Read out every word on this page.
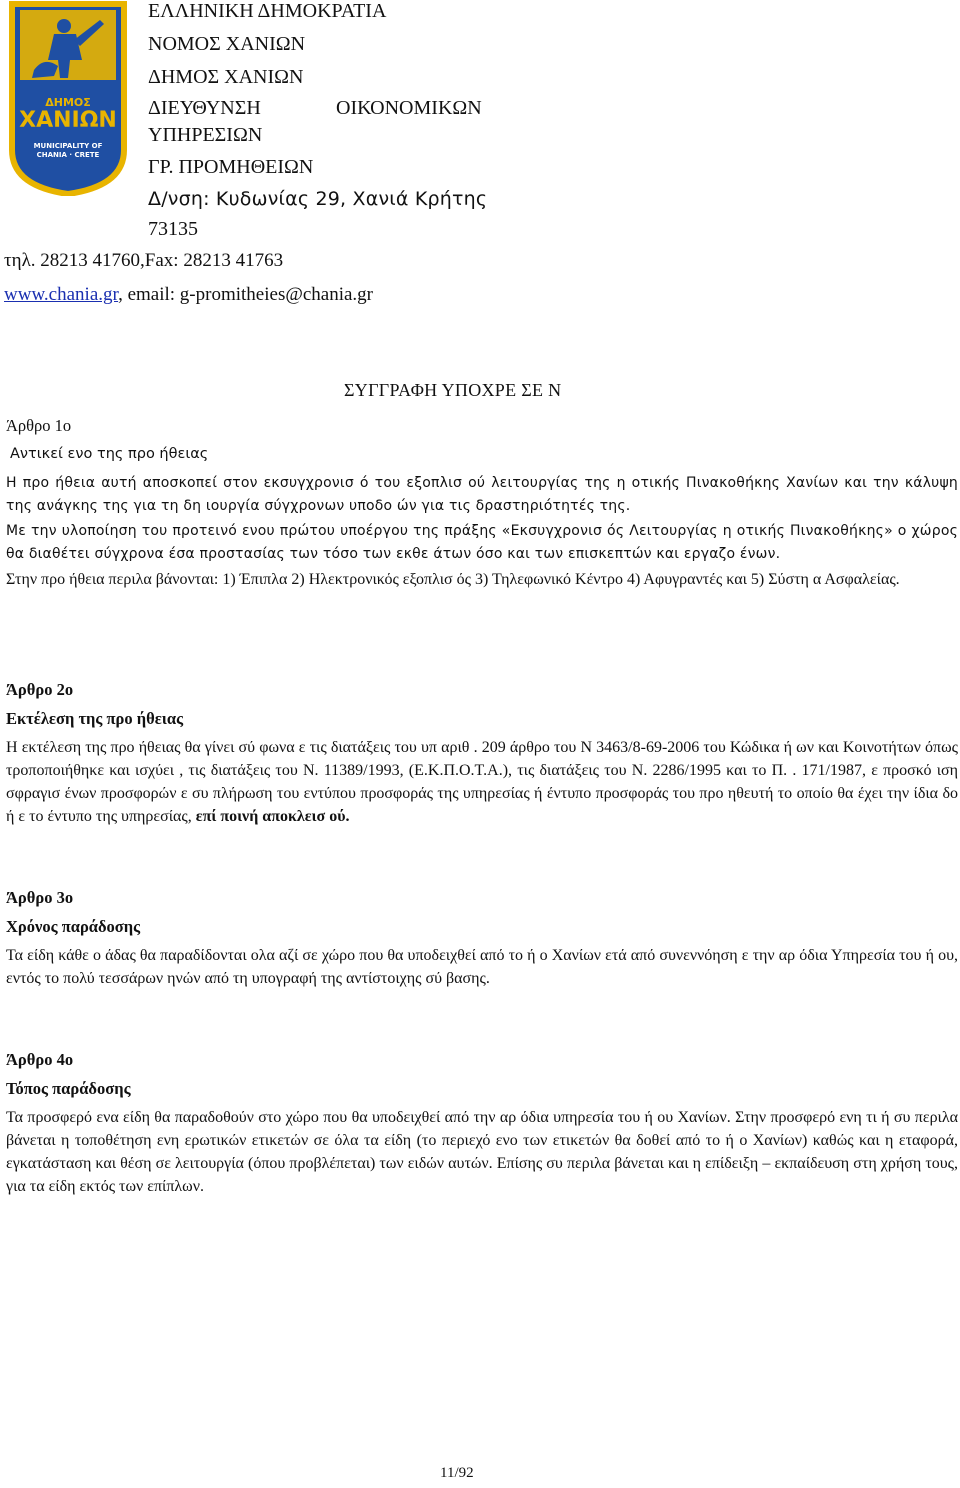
ΔΗΜΟΣ
ΧΑΝΙΩΝ
MUNICIPALITY OF CHANIA · CRETE
ΕΛΛΗΝΙΚΗ ΔΗΜΟΚΡΑΤΙΑ
ΝΟΜΟΣ ΧΑΝΙΩΝ
ΔΗΜΟΣ ΧΑΝΙΩΝ
ΔΙΕΥΘΥΝΣΗ	ΟΙΚΟΝΟΜΙΚΩΝ
ΥΠΗΡΕΣΙΩΝ
ΓΡ. ΠΡΟΜΗΘΕΙΩΝ
Δ/νση: Κυδωνίας 29, Χανιά Κρήτης
73135
τηλ. 28213 41760,Fax: 28213 41763
www.chania.gr, email: g-promitheies@chania.gr
ΣΥΓΓΡΑΦΗ ΥΠΟΧΡΕ ΣΕ Ν
Άρθρο 1ο
Αντικεί ενο της προ ήθειας
Η προ ήθεια αυτή αποσκοπεί στον εκσυγχρονισ ό του εξοπλισ ού λειτουργίας της η οτικής Πινακοθήκης Χανίων και την κάλυψη της ανάγκης της για τη δη ιουργία σύγχρονων υποδο ών για τις δραστηριότητές της.
Με την υλοποίηση του προτεινό ενου πρώτου υποέργου της πράξης «Εκσυγχρονισ ός Λειτουργίας η οτικής Πινακοθήκης» ο χώρος θα διαθέτει σύγχρονα έσα προστασίας των τόσο των εκθε άτων όσο και των επισκεπτών και εργαζο ένων.
Στην προ ήθεια περιλα βάνονται: 1) Έπιπλα 2) Ηλεκτρονικός εξοπλισ ός 3) Τηλεφωνικό Κέντρο 4) Αφυγραντές και 5) Σύστη α Ασφαλείας.
Άρθρο 2ο
Εκτέλεση της προ ήθειας
Η εκτέλεση της προ ήθειας θα γίνει σύ φωνα ε τις διατάξεις του υπ αριθ . 209 άρθρο του Ν 3463/8-69-2006 του Κώδικα ή ων και Κοινοτήτων όπως τροποποιήθηκε και ισχύει , τις διατάξεις του Ν. 11389/1993, (Ε.Κ.Π.Ο.Τ.Α.), τις διατάξεις του Ν. 2286/1995 και το Π. . 171/1987, ε προσκό ιση σφραγισ ένων προσφορών ε συ πλήρωση του εντύπου προσφοράς της υπηρεσίας ή έντυπο προσφοράς του προ ηθευτή το οποίο θα έχει την ίδια δο ή ε το έντυπο της υπηρεσίας, επί ποινή αποκλεισ ού.
Άρθρο 3ο
Χρόνος παράδοσης
Τα είδη κάθε ο άδας θα παραδίδονται ολα αζί σε χώρο που θα υποδειχθεί από το ή ο Χανίων ετά από συνεννόηση ε την αρ όδια Υπηρεσία του ή ου, εντός το πολύ τεσσάρων ηνών από τη υπογραφή της αντίστοιχης σύ βασης.
Άρθρο 4ο
Τόπος παράδοσης
Τα προσφερό ενα είδη θα παραδοθούν στο χώρο που θα υποδειχθεί από την αρ όδια υπηρεσία του ή ου Χανίων. Στην προσφερό ενη τι ή συ περιλα βάνεται η τοποθέτηση ενη ερωτικών ετικετών σε όλα τα είδη (το περιεχό ενο των ετικετών θα δοθεί από το ή ο Χανίων) καθώς και η εταφορά, εγκατάσταση και θέση σε λειτουργία (όπου προβλέπεται) των ειδών αυτών. Επίσης συ περιλα βάνεται και η επίδειξη – εκπαίδευση στη χρήση τους, για τα είδη εκτός των επίπλων.
11/92
